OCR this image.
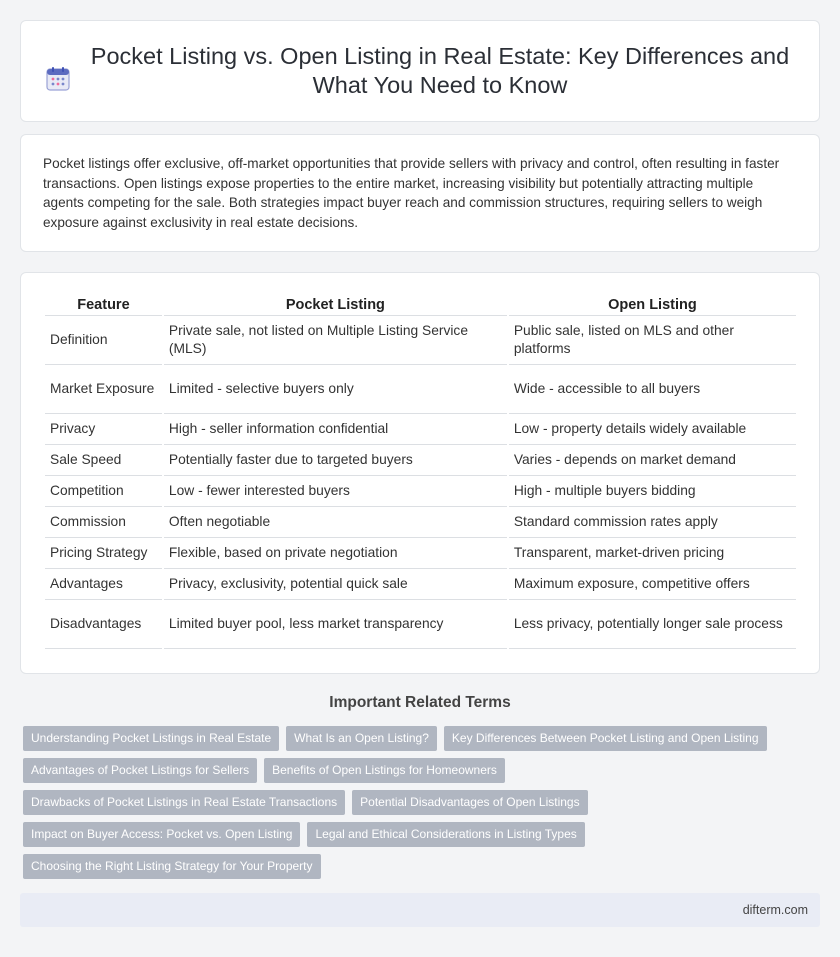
Pocket Listing vs. Open Listing in Real Estate: Key Differences and What You Need to Know

Pocket listings offer exclusive, off-market opportunities that provide sellers with privacy and control, often resulting in faster transactions. Open listings expose properties to the entire market, increasing visibility but potentially attracting multiple agents competing for the sale. Both strategies impact buyer reach and commission structures, requiring sellers to weigh exposure against exclusivity in real estate decisions.

Feature	Pocket Listing	Open Listing
Definition	Private sale, not listed on Multiple Listing Service (MLS)	Public sale, listed on MLS and other platforms
Market Exposure	Limited - selective buyers only	Wide - accessible to all buyers
Privacy	High - seller information confidential	Low - property details widely available
Sale Speed	Potentially faster due to targeted buyers	Varies - depends on market demand
Competition	Low - fewer interested buyers	High - multiple buyers bidding
Commission	Often negotiable	Standard commission rates apply
Pricing Strategy	Flexible, based on private negotiation	Transparent, market-driven pricing
Advantages	Privacy, exclusivity, potential quick sale	Maximum exposure, competitive offers
Disadvantages	Limited buyer pool, less market transparency	Less privacy, potentially longer sale process
Important Related Terms
Understanding Pocket Listings in Real Estate	What Is an Open Listing?	Key Differences Between Pocket Listing and Open Listing
Advantages of Pocket Listings for Sellers	Benefits of Open Listings for Homeowners
Drawbacks of Pocket Listings in Real Estate Transactions	Potential Disadvantages of Open Listings
Impact on Buyer Access: Pocket vs. Open Listing	Legal and Ethical Considerations in Listing Types
Choosing the Right Listing Strategy for Your Property
difterm.com
